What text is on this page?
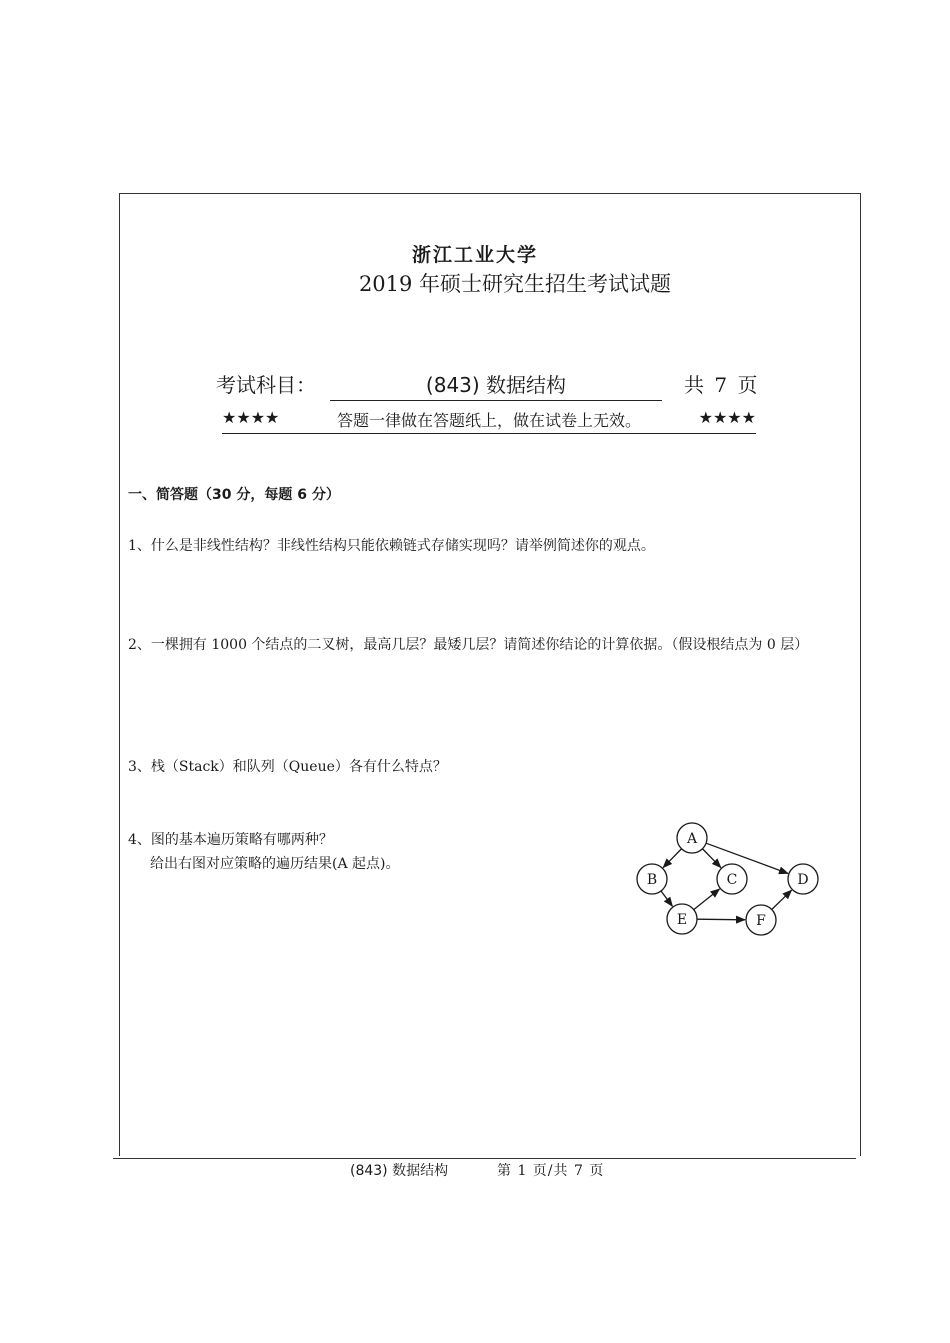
浙江工业大学
2019 年硕士研究生招生考试试题
考试科目：	(843) 数据结构	共 7 页
★★★★	答题一律做在答题纸上，做在试卷上无效。	★★★★
一、简答题（30 分，每题 6 分）
1、什么是非线性结构？非线性结构只能依赖链式存储实现吗？请举例简述你的观点。
2、一棵拥有 1000 个结点的二叉树，最高几层？最矮几层？请简述你结论的计算依据。（假设根结点为 0 层）
3、栈（Stack）和队列（Queue）各有什么特点？
4、图的基本遍历策略有哪两种？
给出右图对应策略的遍历结果(A 起点)。
A
B	C	D
E	F
(843) 数据结构	第 1 页/共 7 页
